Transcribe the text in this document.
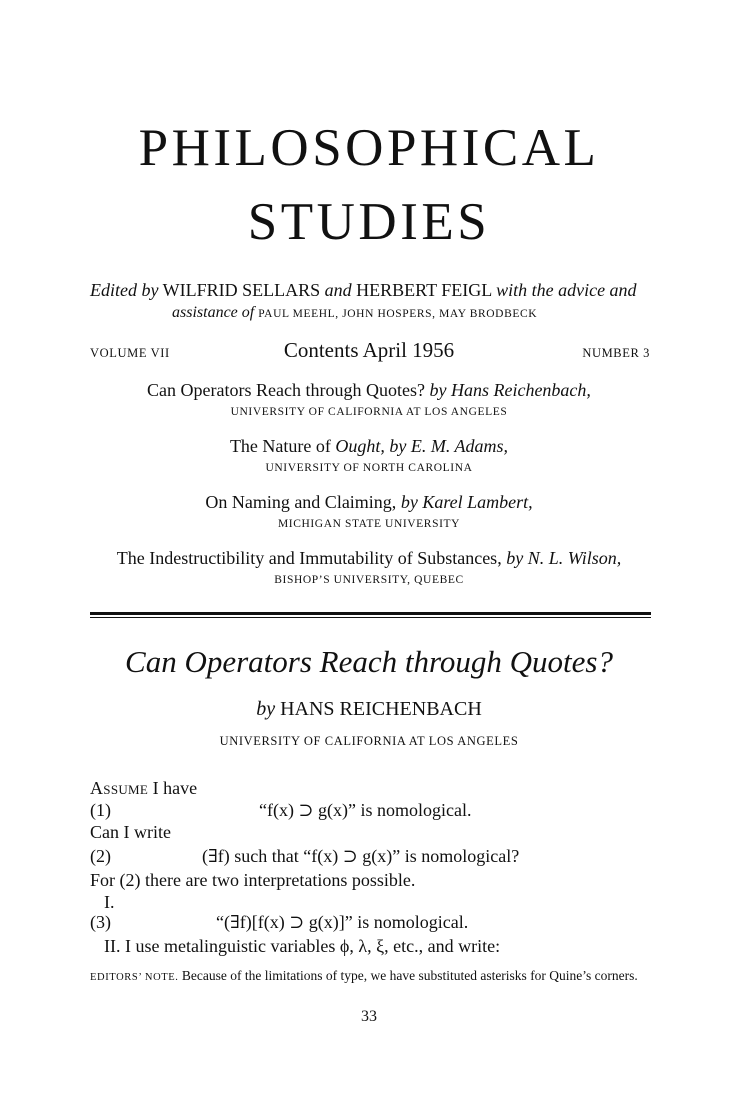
PHILOSOPHICAL
STUDIES
Edited by WILFRID SELLARS and HERBERT FEIGL with the advice and
assistance of PAUL MEEHL, JOHN HOSPERS, MAY BRODBECK
VOLUME VII	Contents April 1956	NUMBER 3
Can Operators Reach through Quotes? by Hans Reichenbach,
UNIVERSITY OF CALIFORNIA AT LOS ANGELES
The Nature of Ought, by E. M. Adams,
UNIVERSITY OF NORTH CAROLINA
On Naming and Claiming, by Karel Lambert,
MICHIGAN STATE UNIVERSITY
The Indestructibility and Immutability of Substances, by N. L. Wilson,
BISHOP’S UNIVERSITY, QUEBEC
Can Operators Reach through Quotes?
by HANS REICHENBACH
UNIVERSITY OF CALIFORNIA AT LOS ANGELES
Assume I have
(1)	“f(x) ⊃ g(x)” is nomological.
Can I write
(2)	(∃f) such that “f(x) ⊃ g(x)” is nomological?
For (2) there are two interpretations possible.
I.
(3)	“(∃f)[f(x) ⊃ g(x)]” is nomological.
II. I use metalinguistic variables ϕ, λ, ξ, etc., and write:
EDITORS’ NOTE. Because of the limitations of type, we have substituted asterisks for Quine’s corners.
33
